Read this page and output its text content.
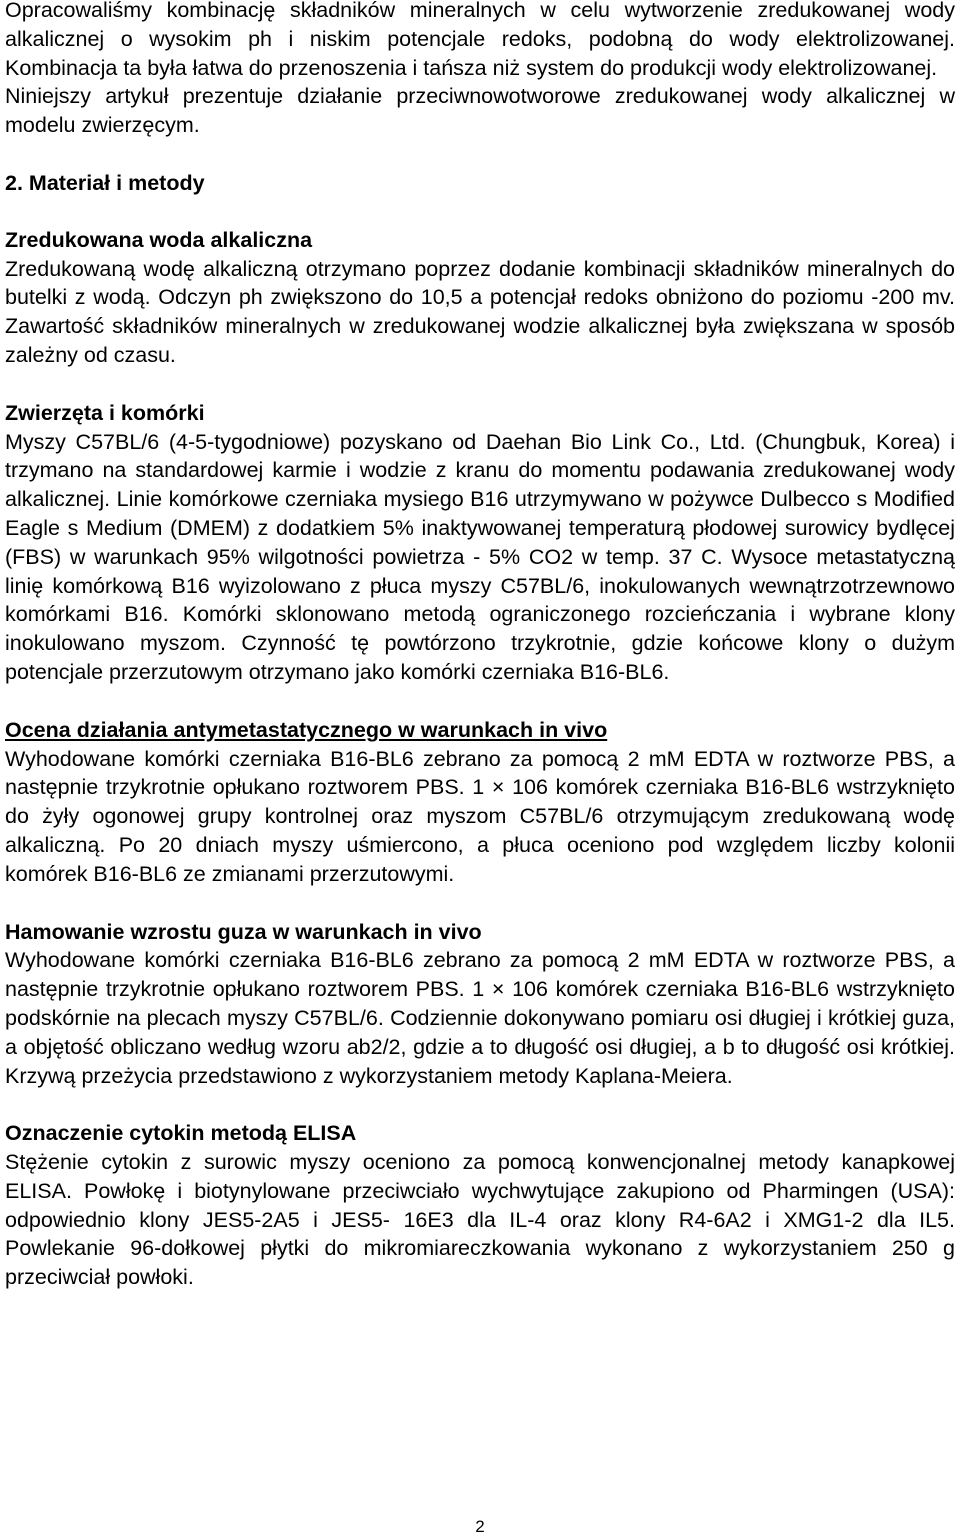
Opracowaliśmy kombinację składników mineralnych w celu wytworzenie zredukowanej wody alkalicznej o wysokim ph i niskim potencjale redoks, podobną do wody elektrolizowanej. Kombinacja ta była łatwa do przenoszenia i tańsza niż system do produkcji wody elektrolizowanej.

Niniejszy artykuł prezentuje działanie przeciwnowotworowe zredukowanej wody alkalicznej w modelu zwierzęcym.

2. Materiał i metody
Zredukowana woda alkaliczna

Zredukowaną wodę alkaliczną otrzymano poprzez dodanie kombinacji składników mineralnych do butelki z wodą. Odczyn ph zwiększono do 10,5 a potencjał redoks obniżono do poziomu -200 mv. Zawartość składników mineralnych w zredukowanej wodzie alkalicznej była zwiększana w sposób zależny od czasu.

Zwierzęta i komórki

Myszy C57BL/6 (4-5-tygodniowe) pozyskano od Daehan Bio Link Co., Ltd. (Chungbuk, Korea) i trzymano na standardowej karmie i wodzie z kranu do momentu podawania zredukowanej wody alkalicznej. Linie komórkowe czerniaka mysiego B16 utrzymywano w pożywce Dulbecco s Modified Eagle s Medium (DMEM) z dodatkiem 5% inaktywowanej temperaturą płodowej surowicy bydlęcej (FBS) w warunkach 95% wilgotności powietrza - 5% CO2 w temp. 37 C. Wysoce metastatyczną linię komórkową B16 wyizolowano z płuca myszy C57BL/6, inokulowanych wewnątrzotrzewnowo komórkami B16. Komórki sklonowano metodą ograniczonego rozcieńczania i wybrane klony inokulowano myszom. Czynność tę powtórzono trzykrotnie, gdzie końcowe klony o dużym potencjale przerzutowym otrzymano jako komórki czerniaka B16-BL6.

Ocena działania antymetastatycznego w warunkach in vivo

Wyhodowane komórki czerniaka B16-BL6 zebrano za pomocą 2 mM EDTA w roztworze PBS, a następnie trzykrotnie opłukano roztworem PBS. 1 × 106 komórek czerniaka B16-BL6 wstrzyknięto do żyły ogonowej grupy kontrolnej oraz myszom C57BL/6 otrzymującym zredukowaną wodę alkaliczną. Po 20 dniach myszy uśmiercono, a płuca oceniono pod względem liczby kolonii komórek B16-BL6 ze zmianami przerzutowymi.

Hamowanie wzrostu guza w warunkach in vivo

Wyhodowane komórki czerniaka B16-BL6 zebrano za pomocą 2 mM EDTA w roztworze PBS, a następnie trzykrotnie opłukano roztworem PBS. 1 × 106 komórek czerniaka B16-BL6 wstrzyknięto podskórnie na plecach myszy C57BL/6. Codziennie dokonywano pomiaru osi długiej i krótkiej guza, a objętość obliczano według wzoru ab2/2, gdzie a to długość osi długiej, a b to długość osi krótkiej. Krzywą przeżycia przedstawiono z wykorzystaniem metody Kaplana-Meiera.

Oznaczenie cytokin metodą ELISA

Stężenie cytokin z surowic myszy oceniono za pomocą konwencjonalnej metody kanapkowej ELISA. Powłokę i biotynylowane przeciwciało wychwytujące zakupiono od Pharmingen (USA): odpowiednio klony JES5-2A5 i JES5- 16E3 dla IL-4 oraz klony R4-6A2 i XMG1-2 dla IL5. Powlekanie 96-dołkowej płytki do mikromiareczkowania wykonano z wykorzystaniem 250 g przeciwciał powłoki.

2
